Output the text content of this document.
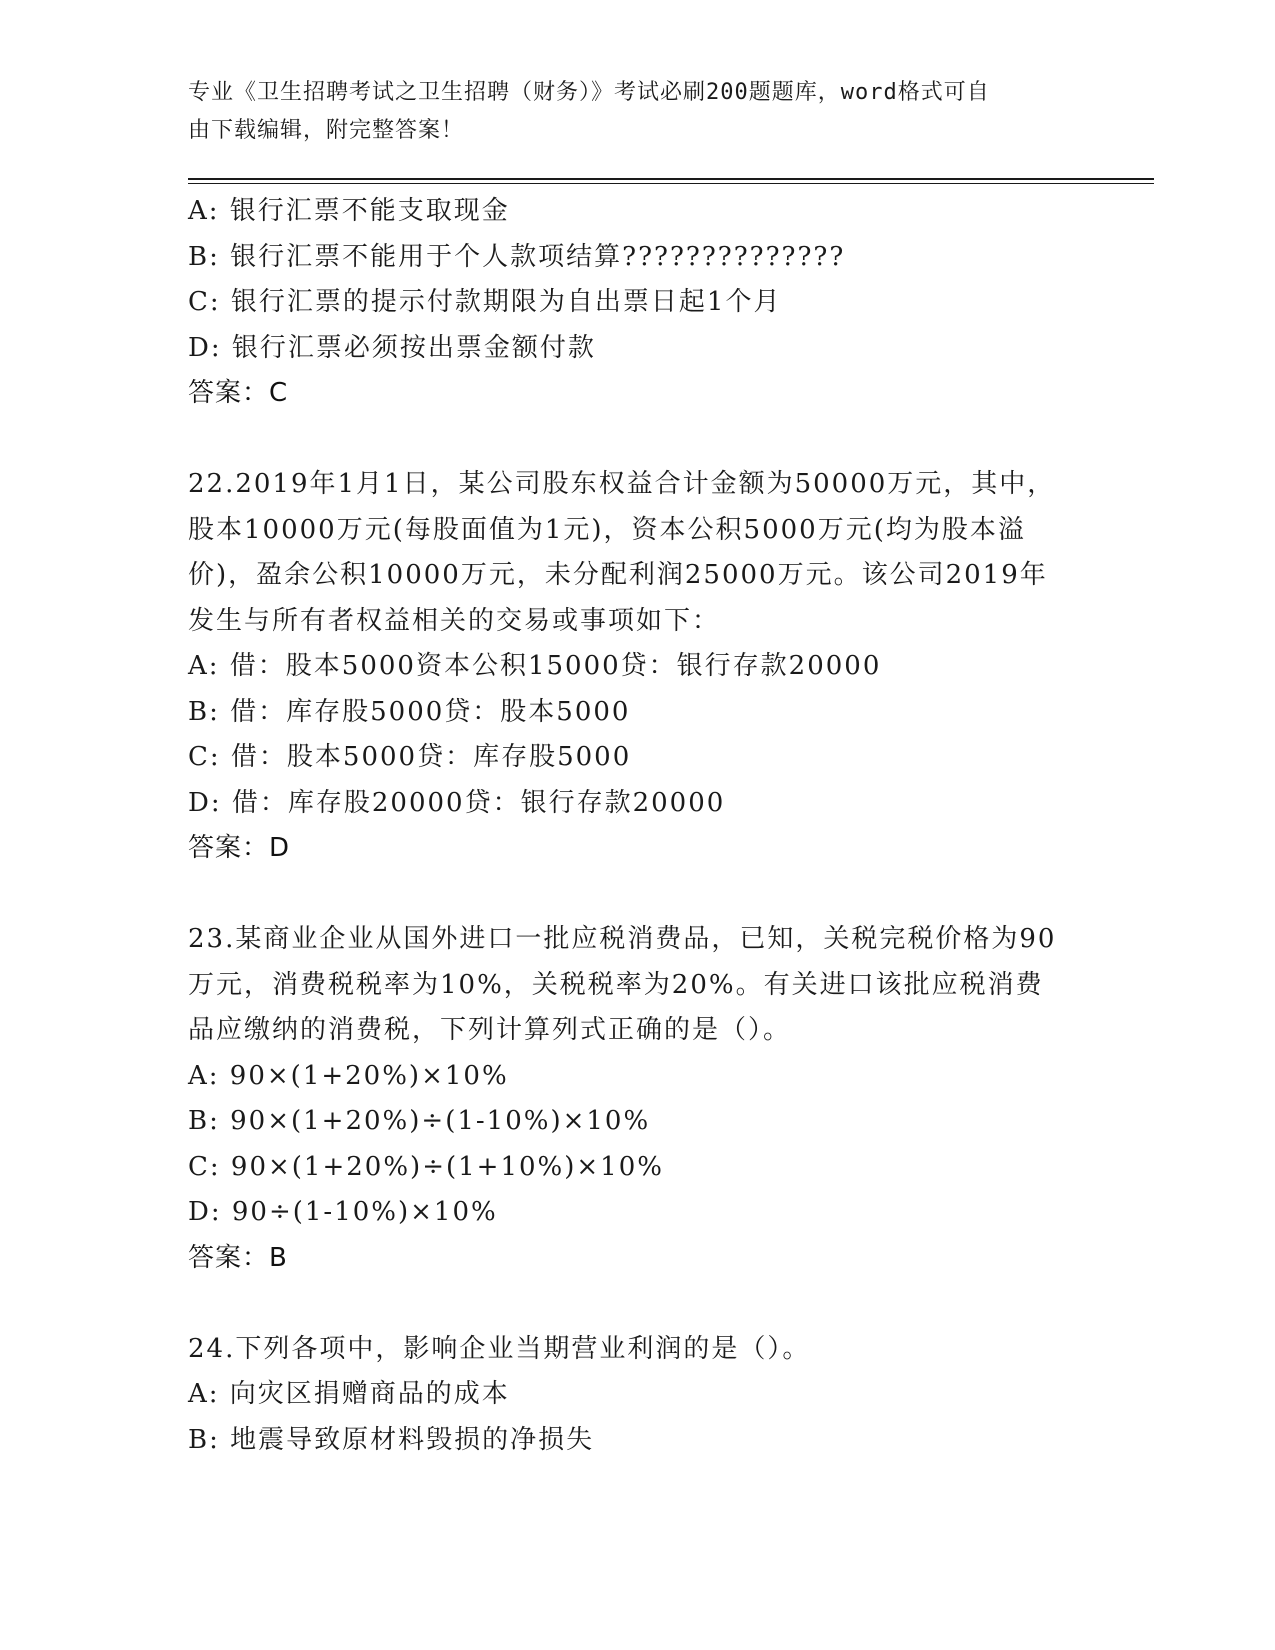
专业《卫生招聘考试之卫生招聘（财务）》考试必刷200题题库，word格式可自
由下载编辑，附完整答案！
A: 银行汇票不能支取现金
B: 银行汇票不能用于个人款项结算??????????????
C: 银行汇票的提示付款期限为自出票日起1个月
D: 银行汇票必须按出票金额付款
答案：C
22.2019年1月1日，某公司股东权益合计金额为50000万元，其中，
股本10000万元(每股面值为1元)，资本公积5000万元(均为股本溢
价)，盈余公积10000万元，未分配利润25000万元。该公司2019年
发生与所有者权益相关的交易或事项如下：
A: 借：股本5000资本公积15000贷：银行存款20000
B: 借：库存股5000贷：股本5000
C: 借：股本5000贷：库存股5000
D: 借：库存股20000贷：银行存款20000
答案：D
23.某商业企业从国外进口一批应税消费品，已知，关税完税价格为90
万元，消费税税率为10%，关税税率为20%。有关进口该批应税消费
品应缴纳的消费税，下列计算列式正确的是（）。
A: 90×(1+20%)×10%
B: 90×(1+20%)÷(1-10%)×10%
C: 90×(1+20%)÷(1+10%)×10%
D: 90÷(1-10%)×10%
答案：B
24.下列各项中，影响企业当期营业利润的是（）。
A: 向灾区捐赠商品的成本
B: 地震导致原材料毁损的净损失
